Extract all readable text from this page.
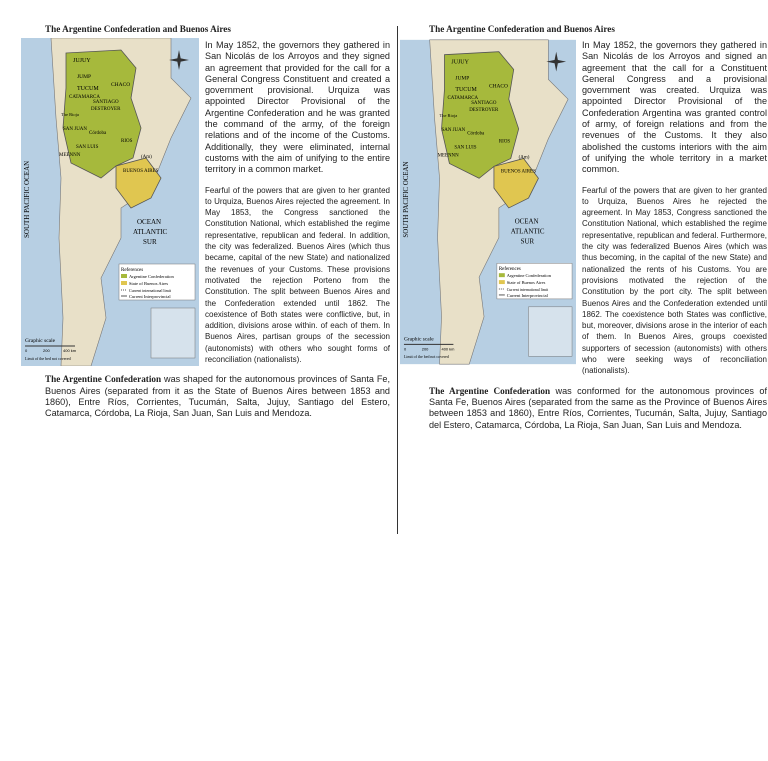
The Argentine Confederation and Buenos Aires
JUJUY
JUMP
TUCUM
CATAMARCA
CHACO
SANTIAGO
DESTROYER
The Rioja
SAN JUAN
Córdoba
SAN LUIS
MEENNN
RIOS
BUENOS AIRES
(Am)
SOUTH PACIFIC OCEAN	OCEAN
ATLANTIC
SUR
References
Argentine Confederation
State of Buenos Aires
Current international limit
Current Interprovincial
Graphic scale
0	200	400 km
Limit of the bed not covered

In May 1852, the governors they gathered in San Nicolás de los Arroyos and they signed an agreement that provided for the call for a General Congress Constituent and created a government provisional. Urquiza was appointed Director Provisional of the Argentine Confederation and he was granted the command of the army, of the foreign relations and of the income of the Customs. Additionally, they were eliminated, internal customs with the aim of unifying to the entire territory in a common market.

Fearful of the powers that are given to her granted to Urquiza, Buenos Aires rejected the agreement. In May 1853, the Congress sanctioned the Constitution National, which established the regime representative, republican and federal. In addition, the city was federalized. Buenos Aires (which thus became, capital of the new State) and nationalized the revenues of your Customs. These provisions motivated the rejection Porteno from the Constitution. The split between Buenos Aires and the Confederation extended until 1862. The coexistence of Both states were conflictive, but, in addition, divisions arose within. of each of them. In Buenos Aires, partisan groups of the secession (autonomists) with others who sought forms of reconciliation (nationalists).

The Argentine Confederation was shaped for the autonomous provinces of Santa Fe, Buenos Aires (separated from it as the State of Buenos Aires between 1853 and 1860), Entre Ríos, Corrientes, Tucumán, Salta, Jujuy, Santiago del Estero, Catamarca, Córdoba, La Rioja, San Juan, San Luis and Mendoza.

The Argentine Confederation and Buenos Aires
JUJUY
JUMP
TUCUM
CATAMARCA
CHACO
SANTIAGO
DESTROYER
The Rioja
SAN JUAN
Córdoba
SAN LUIS
MEENNN
RIOS
BUENOS AIRES
(Am)
SOUTH PACIFIC OCEAN	OCEAN
ATLANTIC
SUR
References
Argentine Confederation
State of Buenos Aires
Current international limit
Current Interprovincial
Graphic scale
0	200	400 km
Limit of the bed not covered

In May 1852, the governors they gathered in San Nicolás de los Arroyos and signed an agreement that the call for a Constituent General Congress and a provisional government was created. Urquiza was appointed Director Provisional of the Confederation Argentina was granted control of army, of foreign relations and from the revenues of the Customs. It they also abolished the customs interiors with the aim of unifying the whole territory in a market common.

Fearful of the powers that are given to her granted to Urquiza, Buenos Aires he rejected the agreement. In May 1853, Congress sanctioned the Constitution National, which established the regime representative, republican and federal. Furthermore, the city was federalized Buenos Aires (which was thus becoming, in the capital of the new State) and nationalized the rents of his Customs. You are provisions motivated the rejection of the Constitution by the port city. The split between Buenos Aires and the Confederation extended until 1862. The coexistence both States was conflictive, but, moreover, divisions arose in the interior of each of them. In Buenos Aires, groups coexisted supporters of secession (autonomists) with others who were seeking ways of reconciliation (nationalists).

The Argentine Confederation was conformed for the autonomous provinces of Santa Fe, Buenos Aires (separated from the same as the Province of Buenos Aires between 1853 and 1860), Entre Ríos, Corrientes, Tucumán, Salta, Jujuy, Santiago del Estero, Catamarca, Córdoba, La Rioja, San Juan, San Luis and Mendoza.
